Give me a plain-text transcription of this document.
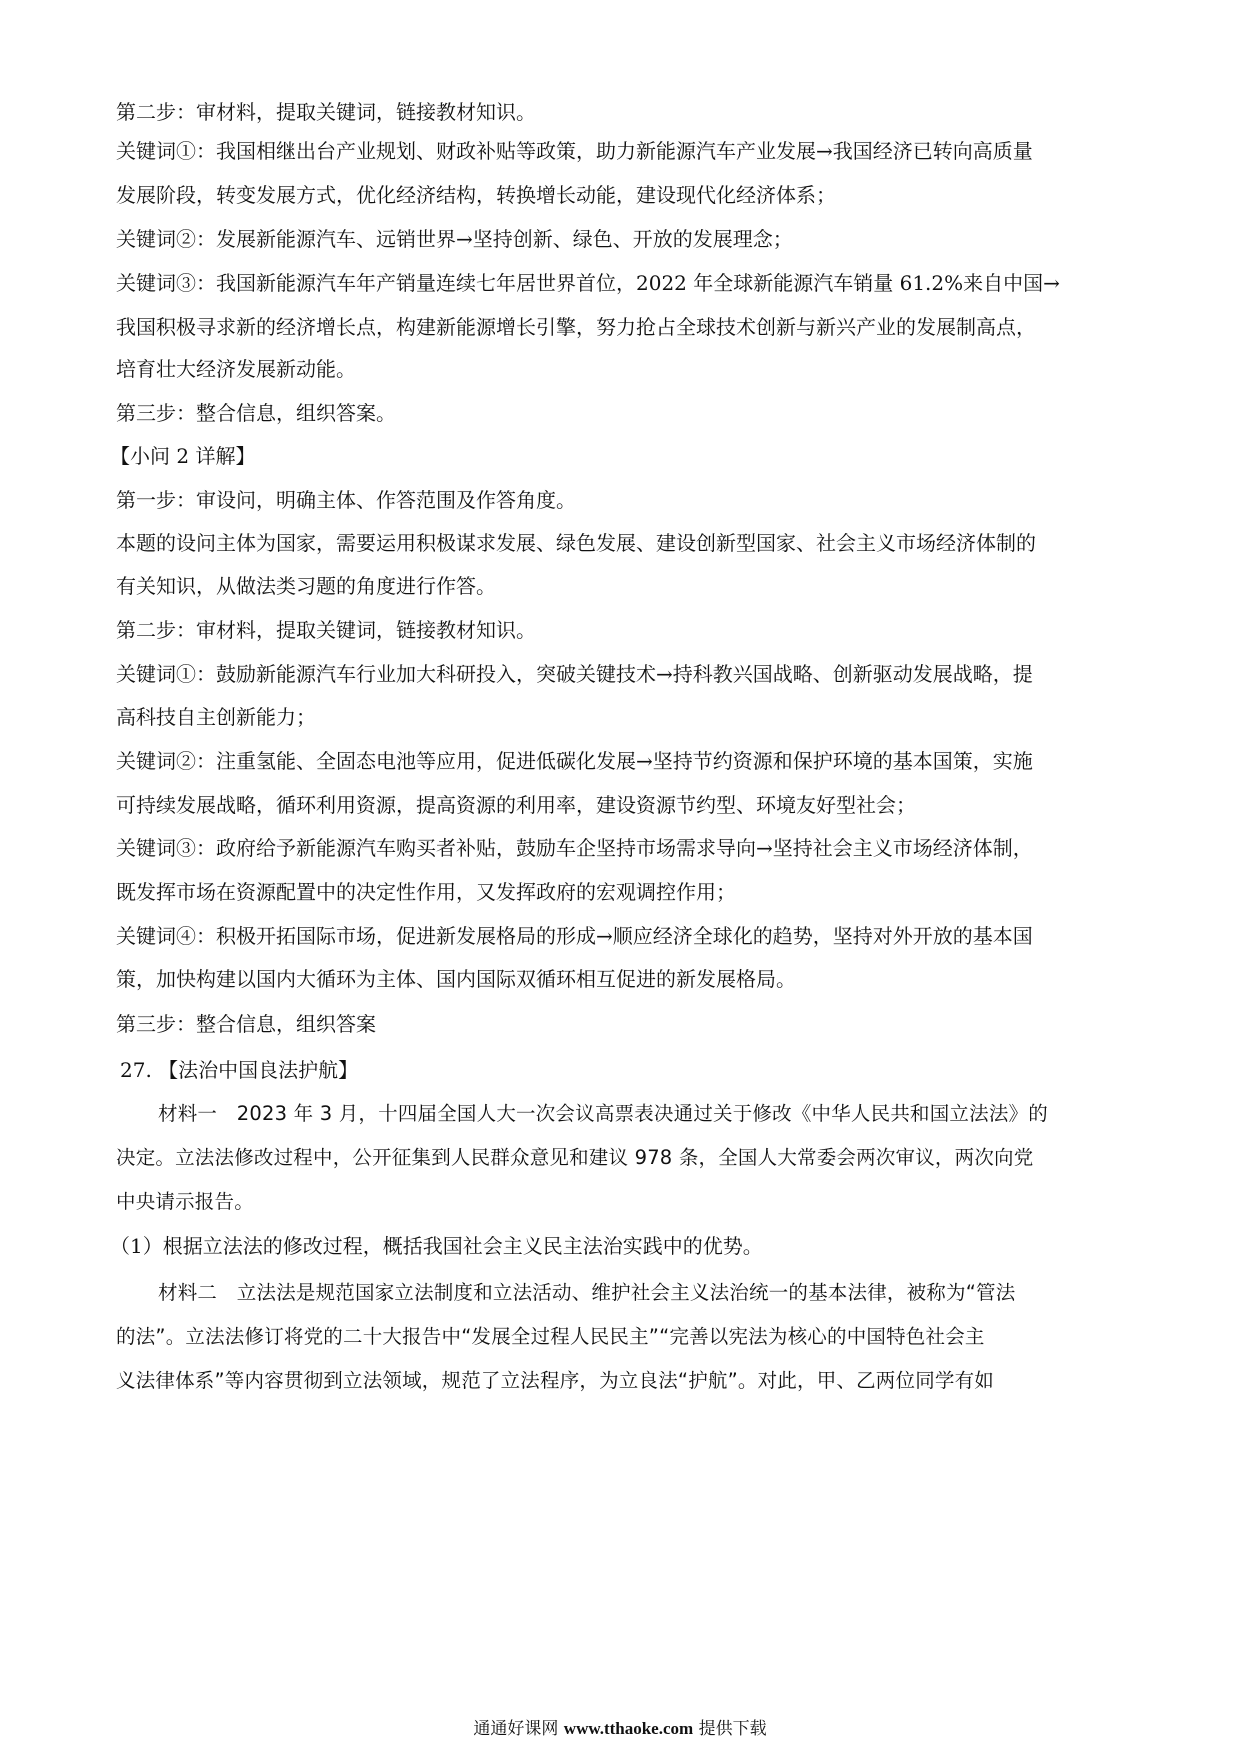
第二步：审材料，提取关键词，链接教材知识。
关键词①：我国相继出台产业规划、财政补贴等政策，助力新能源汽车产业发展→我国经济已转向高质量
发展阶段，转变发展方式，优化经济结构，转换增长动能，建设现代化经济体系；
关键词②：发展新能源汽车、远销世界→坚持创新、绿色、开放的发展理念；
关键词③：我国新能源汽车年产销量连续七年居世界首位，2022 年全球新能源汽车销量 61.2%来自中国→
我国积极寻求新的经济增长点，构建新能源增长引擎，努力抢占全球技术创新与新兴产业的发展制高点，
培育壮大经济发展新动能。
第三步：整合信息，组织答案。
【小问 2 详解】
第一步：审设问，明确主体、作答范围及作答角度。
本题的设问主体为国家，需要运用积极谋求发展、绿色发展、建设创新型国家、社会主义市场经济体制的
有关知识，从做法类习题的角度进行作答。
第二步：审材料，提取关键词，链接教材知识。
关键词①：鼓励新能源汽车行业加大科研投入，突破关键技术→持科教兴国战略、创新驱动发展战略，提
高科技自主创新能力；
关键词②：注重氢能、全固态电池等应用，促进低碳化发展→坚持节约资源和保护环境的基本国策，实施
可持续发展战略，循环利用资源，提高资源的利用率，建设资源节约型、环境友好型社会；
关键词③：政府给予新能源汽车购买者补贴，鼓励车企坚持市场需求导向→坚持社会主义市场经济体制，
既发挥市场在资源配置中的决定性作用，又发挥政府的宏观调控作用；
关键词④：积极开拓国际市场，促进新发展格局的形成→顺应经济全球化的趋势，坚持对外开放的基本国
策，加快构建以国内大循环为主体、国内国际双循环相互促进的新发展格局。
第三步：整合信息，组织答案
27. 【法治中国良法护航】
材料一　2023 年 3 月，十四届全国人大一次会议高票表决通过关于修改《中华人民共和国立法法》的
决定。立法法修改过程中，公开征集到人民群众意见和建议 978 条，全国人大常委会两次审议，两次向党
中央请示报告。
（1）根据立法法的修改过程，概括我国社会主义民主法治实践中的优势。
材料二　立法法是规范国家立法制度和立法活动、维护社会主义法治统一的基本法律，被称为“管法
的法”。立法法修订将党的二十大报告中“发展全过程人民民主”“完善以宪法为核心的中国特色社会主
义法律体系”等内容贯彻到立法领域，规范了立法程序，为立良法“护航”。对此，甲、乙两位同学有如
通通好课网 www.tthaoke.com 提供下载
